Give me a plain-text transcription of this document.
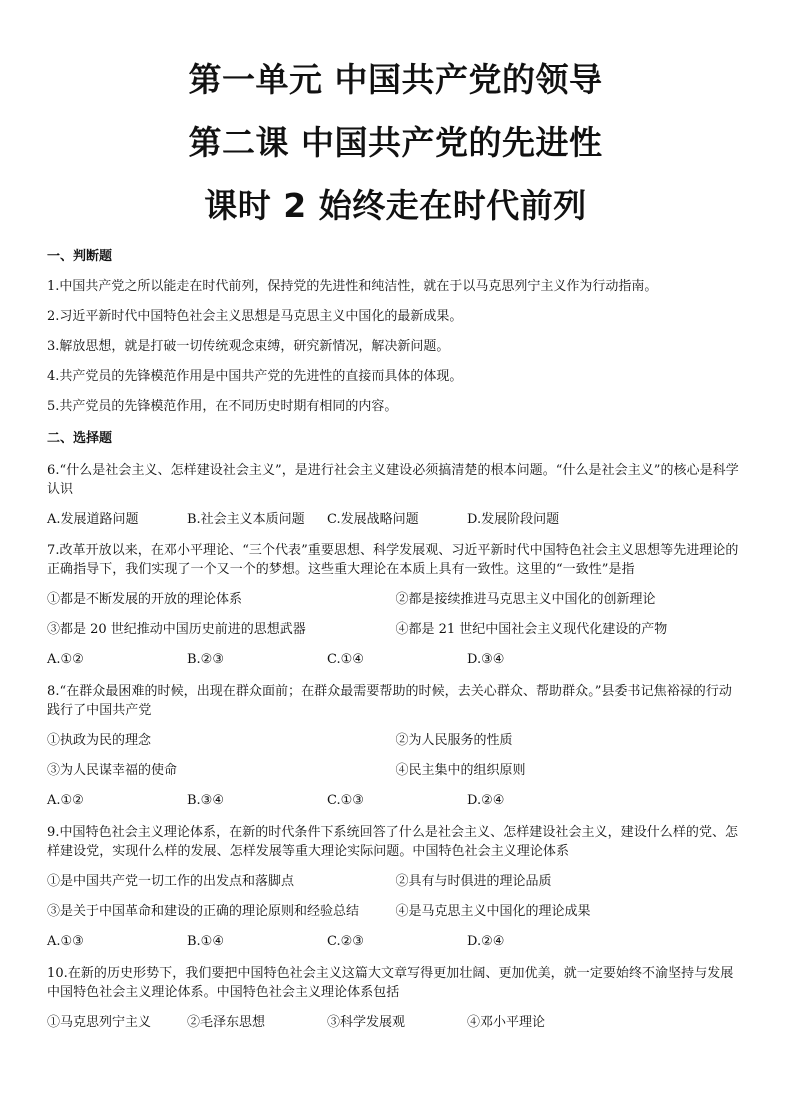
第一单元 中国共产党的领导
第二课 中国共产党的先进性
课时 2 始终走在时代前列

一、判断题

1.中国共产党之所以能走在时代前列，保持党的先进性和纯洁性，就在于以马克思列宁主义作为行动指南。

2.习近平新时代中国特色社会主义思想是马克思主义中国化的最新成果。

3.解放思想，就是打破一切传统观念束缚，研究新情况，解决新问题。

4.共产党员的先锋模范作用是中国共产党的先进性的直接而具体的体现。

5.共产党员的先锋模范作用，在不同历史时期有相同的内容。

二、选择题

6.“什么是社会主义、怎样建设社会主义”，是进行社会主义建设必须搞清楚的根本问题。“什么是社会主义”的核心是科学认识

A.发展道路问题	B.社会主义本质问题	C.发展战略问题	D.发展阶段问题

7.改革开放以来，在邓小平理论、“三个代表”重要思想、科学发展观、习近平新时代中国特色社会主义思想等先进理论的正确指导下，我们实现了一个又一个的梦想。这些重大理论在本质上具有一致性。这里的“一致性”是指

①都是不断发展的开放的理论体系	②都是接续推进马克思主义中国化的创新理论
③都是 20 世纪推动中国历史前进的思想武器	④都是 21 世纪中国社会主义现代化建设的产物
A.①②	B.②③	C.①④	D.③④

8.“在群众最困难的时候，出现在群众面前；在群众最需要帮助的时候，去关心群众、帮助群众。”县委书记焦裕禄的行动践行了中国共产党

①执政为民的理念	②为人民服务的性质
③为人民谋幸福的使命	④民主集中的组织原则
A.①②	B.③④	C.①③	D.②④

9.中国特色社会主义理论体系，在新的时代条件下系统回答了什么是社会主义、怎样建设社会主义，建设什么样的党、怎样建设党，实现什么样的发展、怎样发展等重大理论实际问题。中国特色社会主义理论体系

①是中国共产党一切工作的出发点和落脚点	②具有与时俱进的理论品质
③是关于中国革命和建设的正确的理论原则和经验总结	④是马克思主义中国化的理论成果
A.①③	B.①④	C.②③	D.②④

10.在新的历史形势下，我们要把中国特色社会主义这篇大文章写得更加壮阔、更加优美，就一定要始终不渝坚持与发展中国特色社会主义理论体系。中国特色社会主义理论体系包括

①马克思列宁主义	②毛泽东思想	③科学发展观	④邓小平理论
